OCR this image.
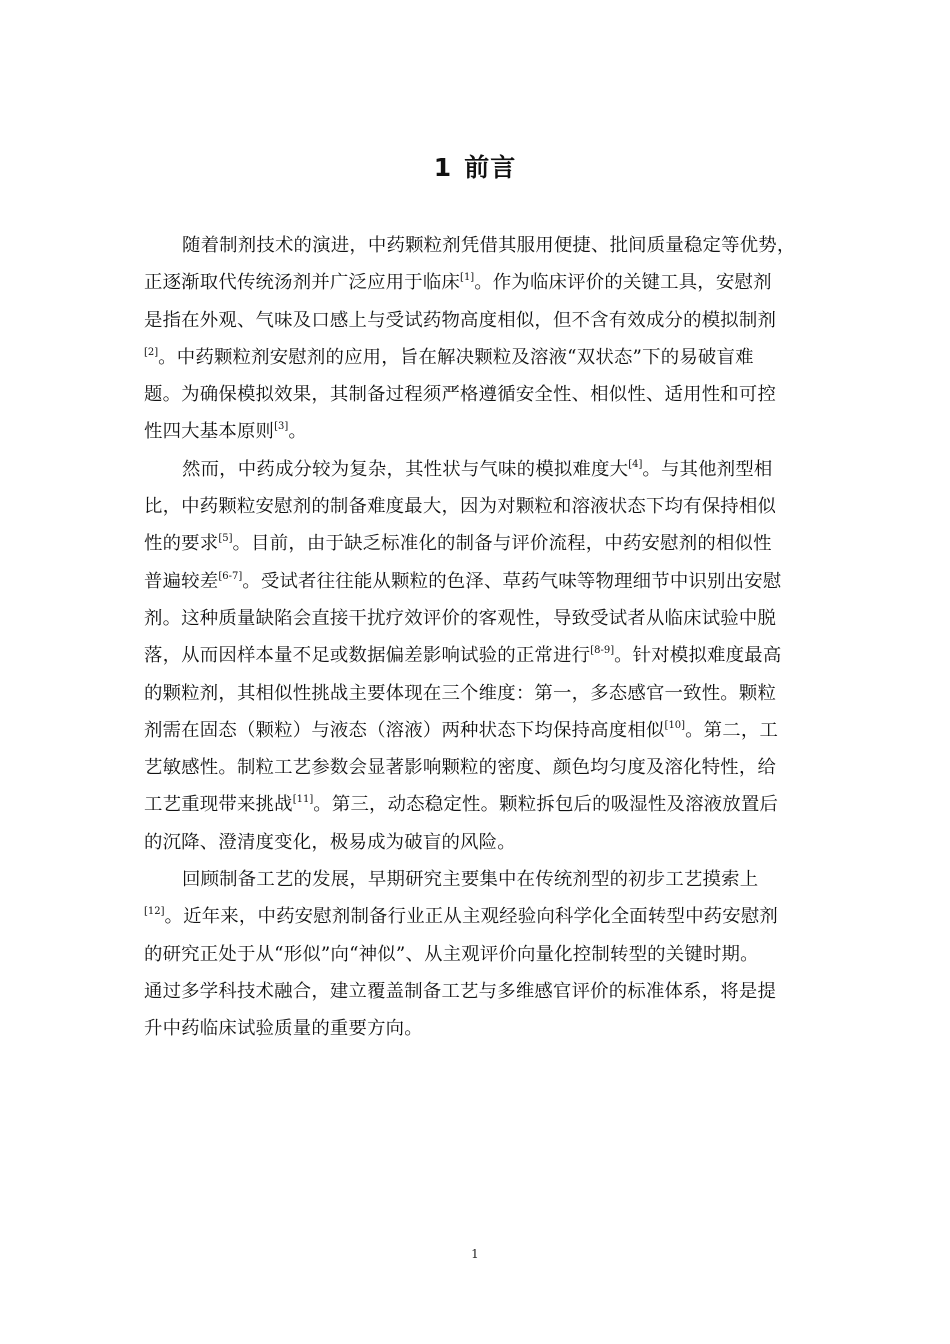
1 前言
随着制剂技术的演进，中药颗粒剂凭借其服用便捷、批间质量稳定等优势，
正逐渐取代传统汤剂并广泛应用于临床[1]。作为临床评价的关键工具，安慰剂
是指在外观、气味及口感上与受试药物高度相似，但不含有效成分的模拟制剂
[2]。中药颗粒剂安慰剂的应用，旨在解决颗粒及溶液“双状态”下的易破盲难
题。为确保模拟效果，其制备过程须严格遵循安全性、相似性、适用性和可控
性四大基本原则[3]。
然而，中药成分较为复杂，其性状与气味的模拟难度大[4]。与其他剂型相
比，中药颗粒安慰剂的制备难度最大，因为对颗粒和溶液状态下均有保持相似
性的要求[5]。目前，由于缺乏标准化的制备与评价流程，中药安慰剂的相似性
普遍较差[6-7]。受试者往往能从颗粒的色泽、草药气味等物理细节中识别出安慰
剂。这种质量缺陷会直接干扰疗效评价的客观性，导致受试者从临床试验中脱
落，从而因样本量不足或数据偏差影响试验的正常进行[8-9]。针对模拟难度最高
的颗粒剂，其相似性挑战主要体现在三个维度：第一，多态感官一致性。颗粒
剂需在固态（颗粒）与液态（溶液）两种状态下均保持高度相似[10]。第二，工
艺敏感性。制粒工艺参数会显著影响颗粒的密度、颜色均匀度及溶化特性，给
工艺重现带来挑战[11]。第三，动态稳定性。颗粒拆包后的吸湿性及溶液放置后
的沉降、澄清度变化，极易成为破盲的风险。
回顾制备工艺的发展，早期研究主要集中在传统剂型的初步工艺摸索上
[12]。近年来，中药安慰剂制备行业正从主观经验向科学化全面转型中药安慰剂
的研究正处于从“形似”向“神似”、从主观评价向量化控制转型的关键时期。
通过多学科技术融合，建立覆盖制备工艺与多维感官评价的标准体系，将是提
升中药临床试验质量的重要方向。
1
